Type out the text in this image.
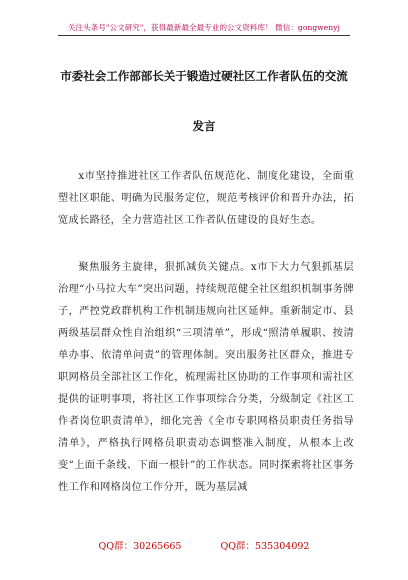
关注头条号"公文研究"，获得最新最全最专业的公文资料库！ 微信：gongwenyj
市委社会工作部部长关于锻造过硬社区工作者队伍的交流
发言

x市坚持推进社区工作者队伍规范化、制度化建设，全面重塑社区职能、明确为民服务定位，规范考核评价和晋升办法，拓宽成长路径，全力营造社区工作者队伍建设的良好生态。

聚焦服务主旋律，狠抓减负关键点。x市下大力气狠抓基层治理“小马拉大车”突出问题，持续规范健全社区组织机制事务牌子，严控党政群机构工作机制违规向社区延伸。重新制定市、县两级基层群众性自治组织“三项清单”，形成“照清单履职、按清单办事、依清单问责”的管理体制。突出服务社区群众，推进专职网格员全部社区工作化，梳理需社区协助的工作事项和需社区提供的证明事项，将社区工作事项综合分类，分级制定《社区工作者岗位职责清单》，细化完善《全市专职网格员职责任务指导清单》，严格执行网格员职责动态调整准入制度，从根本上改变“上面千条线、下面一根针”的工作状态。同时探索将社区事务性工作和网格岗位工作分开，既为基层减

QQ群：30265665	QQ群：535304092
